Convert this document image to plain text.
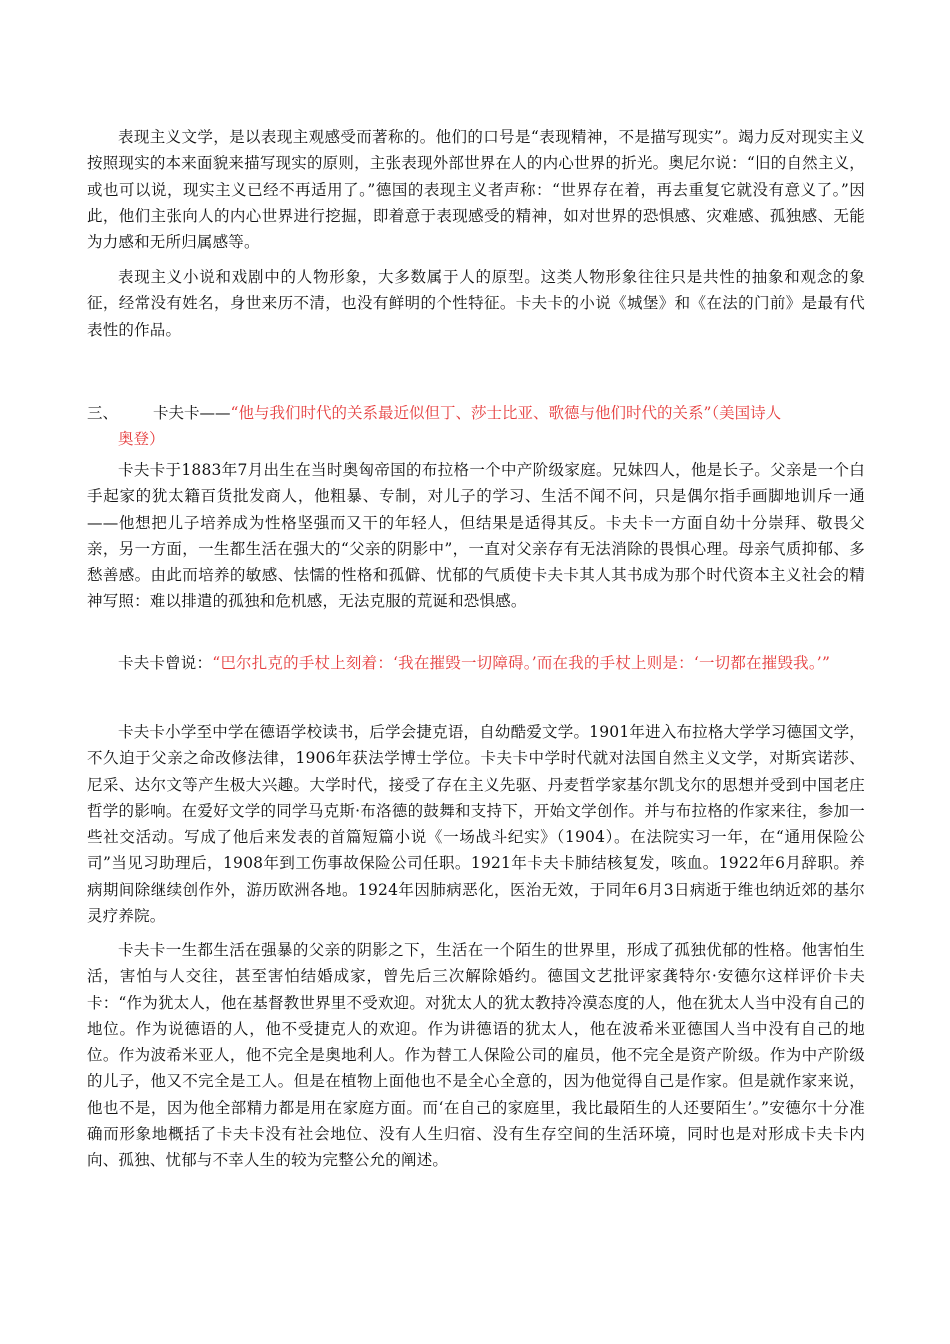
表现主义文学，是以表现主观感受而著称的。他们的口号是“表现精神，不是描写现实”。竭力反对现实主义按照现实的本来面貌来描写现实的原则，主张表现外部世界在人的内心世界的折光。奥尼尔说：“旧的自然主义，或也可以说，现实主义已经不再适用了。”德国的表现主义者声称：“世界存在着，再去重复它就没有意义了。”因此，他们主张向人的内心世界进行挖掘，即着意于表现感受的精神，如对世界的恐惧感、灾难感、孤独感、无能为力感和无所归属感等。

表现主义小说和戏剧中的人物形象，大多数属于人的原型。这类人物形象往往只是共性的抽象和观念的象征，经常没有姓名，身世来历不清，也没有鲜明的个性特征。卡夫卡的小说《城堡》和《在法的门前》是最有代表性的作品。

三、 卡夫卡——“他与我们时代的关系最近似但丁、莎士比亚、歌德与他们时代的关系”（美国诗人
奥登）

卡夫卡于1883年7月出生在当时奥匈帝国的布拉格一个中产阶级家庭。兄妹四人，他是长子。父亲是一个白手起家的犹太籍百货批发商人，他粗暴、专制，对儿子的学习、生活不闻不问，只是偶尔指手画脚地训斥一通——他想把儿子培养成为性格坚强而又干的年轻人，但结果是适得其反。卡夫卡一方面自幼十分崇拜、敬畏父亲，另一方面，一生都生活在强大的“父亲的阴影中”，一直对父亲存有无法消除的畏惧心理。母亲气质抑郁、多愁善感。由此而培养的敏感、怯懦的性格和孤僻、忧郁的气质使卡夫卡其人其书成为那个时代资本主义社会的精神写照：难以排遣的孤独和危机感，无法克服的荒诞和恐惧感。

卡夫卡曾说：“巴尔扎克的手杖上刻着：‘我在摧毁一切障碍。’而在我的手杖上则是：‘一切都在摧毁我。’”

卡夫卡小学至中学在德语学校读书，后学会捷克语，自幼酷爱文学。1901年进入布拉格大学学习德国文学，不久迫于父亲之命改修法律，1906年获法学博士学位。卡夫卡中学时代就对法国自然主义文学，对斯宾诺莎、尼采、达尔文等产生极大兴趣。大学时代，接受了存在主义先驱、丹麦哲学家基尔凯戈尔的思想并受到中国老庄哲学的影响。在爱好文学的同学马克斯·布洛德的鼓舞和支持下，开始文学创作。并与布拉格的作家来往，参加一些社交活动。写成了他后来发表的首篇短篇小说《一场战斗纪实》（1904）。在法院实习一年，在“通用保险公司”当见习助理后，1908年到工伤事故保险公司任职。1921年卡夫卡肺结核复发，咳血。1922年6月辞职。养病期间除继续创作外，游历欧洲各地。1924年因肺病恶化，医治无效，于同年6月3日病逝于维也纳近郊的基尔灵疗养院。

卡夫卡一生都生活在强暴的父亲的阴影之下，生活在一个陌生的世界里，形成了孤独优郁的性格。他害怕生活，害怕与人交往，甚至害怕结婚成家，曾先后三次解除婚约。德国文艺批评家龚特尔·安德尔这样评价卡夫卡：“作为犹太人，他在基督教世界里不受欢迎。对犹太人的犹太教持冷漠态度的人，他在犹太人当中没有自己的地位。作为说德语的人，他不受捷克人的欢迎。作为讲德语的犹太人，他在波希米亚德国人当中没有自己的地位。作为波希米亚人，他不完全是奥地利人。作为替工人保险公司的雇员，他不完全是资产阶级。作为中产阶级的儿子，他又不完全是工人。但是在植物上面他也不是全心全意的，因为他觉得自己是作家。但是就作家来说，他也不是，因为他全部精力都是用在家庭方面。而‘在自己的家庭里，我比最陌生的人还要陌生’。”安德尔十分准确而形象地概括了卡夫卡没有社会地位、没有人生归宿、没有生存空间的生活环境，同时也是对形成卡夫卡内向、孤独、忧郁与不幸人生的较为完整公允的阐述。
